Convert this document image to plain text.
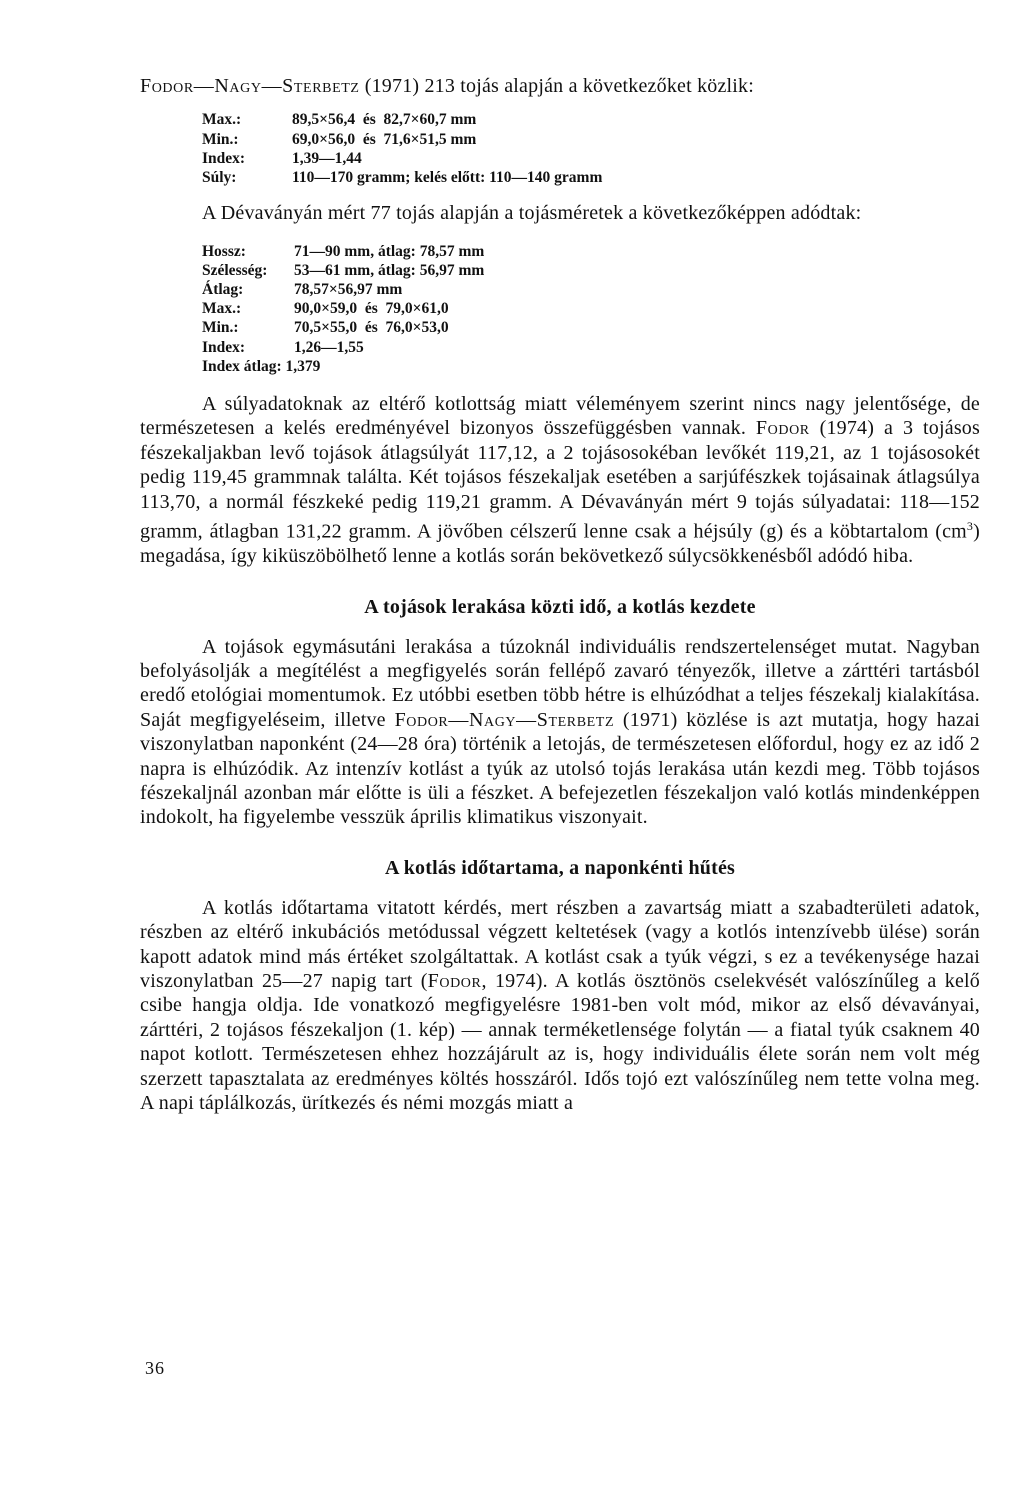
Fodor—Nagy—Sterbetz (1971) 213 tojás alapján a következőket közlik:

Max.:	89,5×56,4  és  82,7×60,7 mm
Min.:	69,0×56,0  és  71,6×51,5 mm
Index:	1,39—1,44
Súly:	110—170 gramm; kelés előtt: 110—140 gramm

A Dévaványán mért 77 tojás alapján a tojásméretek a következőképpen adódtak:

Hossz:	71—90 mm, átlag: 78,57 mm
Szélesség:	53—61 mm, átlag: 56,97 mm
Átlag:	78,57×56,97 mm
Max.:	90,0×59,0  és  79,0×61,0
Min.:	70,5×55,0  és  76,0×53,0
Index:	1,26—1,55
Index átlag: 1,379	

A súlyadatoknak az eltérő kotlottság miatt véleményem szerint nincs nagy jelentősége, de természetesen a kelés eredményével bizonyos összefüggésben vannak. Fodor (1974) a 3 tojásos fészekaljakban levő tojások átlagsúlyát 117,12, a 2 tojásosokéban levőkét 119,21, az 1 tojásosokét pedig 119,45 grammnak találta. Két tojásos fészekaljak esetében a sarjúfészkek tojásainak átlagsúlya 113,70, a normál fészkeké pedig 119,21 gramm. A Dévaványán mért 9 tojás súlyadatai: 118—152 gramm, átlagban 131,22 gramm. A jövőben célszerű lenne csak a héjsúly (g) és a köbtartalom $(cm^3)$ megadása, így kiküszöbölhető lenne a kotlás során bekövetkező súlycsökkenésből adódó hiba.

A tojások lerakása közti idő, a kotlás kezdete

A tojások egymásutáni lerakása a túzoknál individuális rendszertelenséget mutat. Nagyban befolyásolják a megítélést a megfigyelés során fellépő zavaró tényezők, illetve a zárttéri tartásból eredő etológiai momentumok. Ez utóbbi esetben több hétre is elhúzódhat a teljes fészekalj kialakítása. Saját megfigyeléseim, illetve Fodor—Nagy—Sterbetz (1971) közlése is azt mutatja, hogy hazai viszonylatban naponként (24—28 óra) történik a letojás, de természetesen előfordul, hogy ez az idő 2 napra is elhúzódik. Az intenzív kotlást a tyúk az utolsó tojás lerakása után kezdi meg. Több tojásos fészekaljnál azonban már előtte is üli a fészket. A befejezetlen fészekaljon való kotlás mindenképpen indokolt, ha figyelembe vesszük április klimatikus viszonyait.

A kotlás időtartama, a naponkénti hűtés

A kotlás időtartama vitatott kérdés, mert részben a zavartság miatt a szabadterületi adatok, részben az eltérő inkubációs metódussal végzett keltetések (vagy a kotlós intenzívebb ülése) során kapott adatok mind más értéket szolgáltattak. A kotlást csak a tyúk végzi, s ez a tevékenysége hazai viszonylatban 25—27 napig tart (Fodor, 1974). A kotlás ösztönös cselekvését valószínűleg a kelő csibe hangja oldja. Ide vonatkozó megfigyelésre 1981-ben volt mód, mikor az első dévaványai, zárttéri, 2 tojásos fészekaljon (1. kép) — annak terméketlensége folytán — a fiatal tyúk csaknem 40 napot kotlott. Természetesen ehhez hozzájárult az is, hogy individuális élete során nem volt még szerzett tapasztalata az eredményes költés hosszáról. Idős tojó ezt valószínűleg nem tette volna meg. A napi táplálkozás, ürítkezés és némi mozgás miatt a

36
